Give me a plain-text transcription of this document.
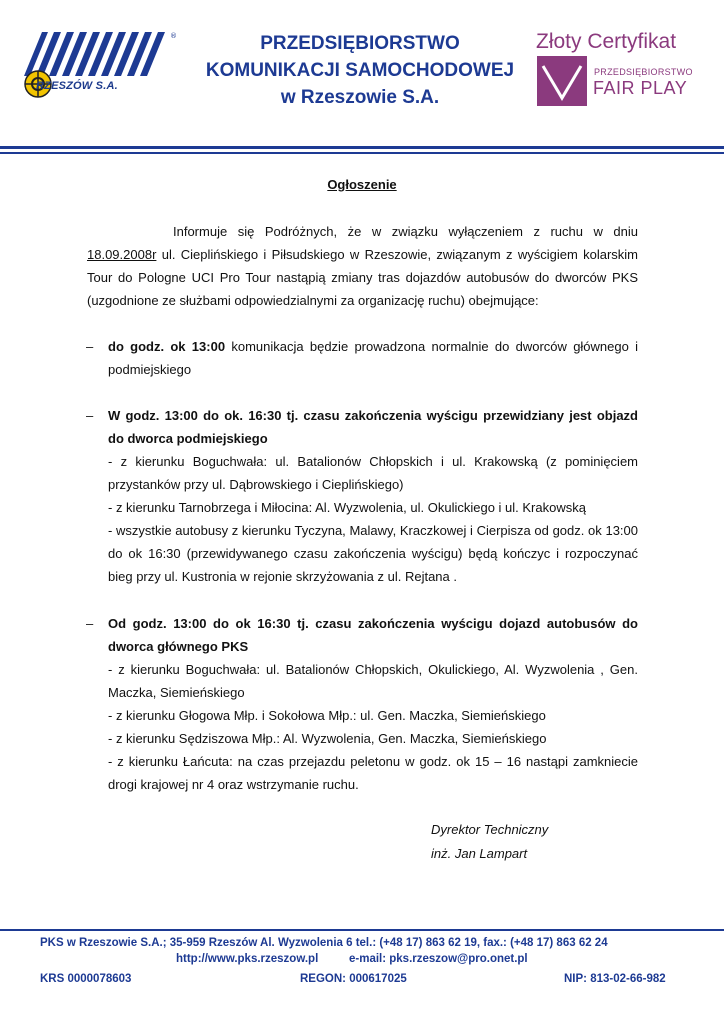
®
RZESZÓW S.A.
PRZEDSIĘBIORSTWO
KOMUNIKACJI SAMOCHODOWEJ
w Rzeszowie S.A.
Złoty Certyfikat
PRZEDSIĘBIORSTWO
FAIR PLAY
Ogłoszenie
Informuje się Podróżnych, że w związku wyłączeniem z ruchu w dniu 18.09.2008r ul. Cieplińskiego i Piłsudskiego w Rzeszowie, związanym z wyścigiem kolarskim Tour do Pologne UCI Pro Tour nastąpią zmiany tras dojazdów autobusów do dworców PKS (uzgodnione ze służbami odpowiedzialnymi za organizację ruchu) obejmujące:
– do godz. ok 13:00 komunikacja będzie prowadzona normalnie do dworców głównego i podmiejskiego
– W godz. 13:00 do ok. 16:30 tj. czasu zakończenia wyścigu przewidziany jest objazd do dworca podmiejskiego
- z kierunku Boguchwała: ul. Batalionów Chłopskich i ul. Krakowską (z pominięciem przystanków przy ul. Dąbrowskiego i Cieplińskiego)
- z kierunku Tarnobrzega i Miłocina: Al. Wyzwolenia, ul. Okulickiego i ul. Krakowską
- wszystkie autobusy z kierunku Tyczyna, Malawy, Kraczkowej i Cierpisza od godz. ok 13:00 do ok 16:30 (przewidywanego czasu zakończenia wyścigu) będą kończyc i rozpoczynać bieg przy ul. Kustronia w rejonie skrzyżowania z ul. Rejtana .
– Od godz. 13:00 do ok 16:30 tj. czasu zakończenia wyścigu dojazd autobusów do dworca głównego PKS
- z kierunku Boguchwała: ul. Batalionów Chłopskich, Okulickiego, Al. Wyzwolenia , Gen. Maczka, Siemieńskiego
- z kierunku Głogowa Młp. i Sokołowa Młp.: ul. Gen. Maczka, Siemieńskiego
- z kierunku Sędziszowa Młp.: Al. Wyzwolenia, Gen. Maczka, Siemieńskiego
- z kierunku Łańcuta: na czas przejazdu peletonu w godz. ok 15 – 16 nastąpi zamkniecie drogi krajowej nr 4 oraz wstrzymanie ruchu.
Dyrektor Techniczny
inż. Jan Lampart
PKS w Rzeszowie S.A.; 35-959 Rzeszów Al. Wyzwolenia 6 tel.: (+48 17) 863 62 19, fax.: (+48 17) 863 62 24
http://www.pks.rzeszow.pl	e-mail: pks.rzeszow@pro.onet.pl
KRS 0000078603	REGON: 000617025	NIP: 813-02-66-982
